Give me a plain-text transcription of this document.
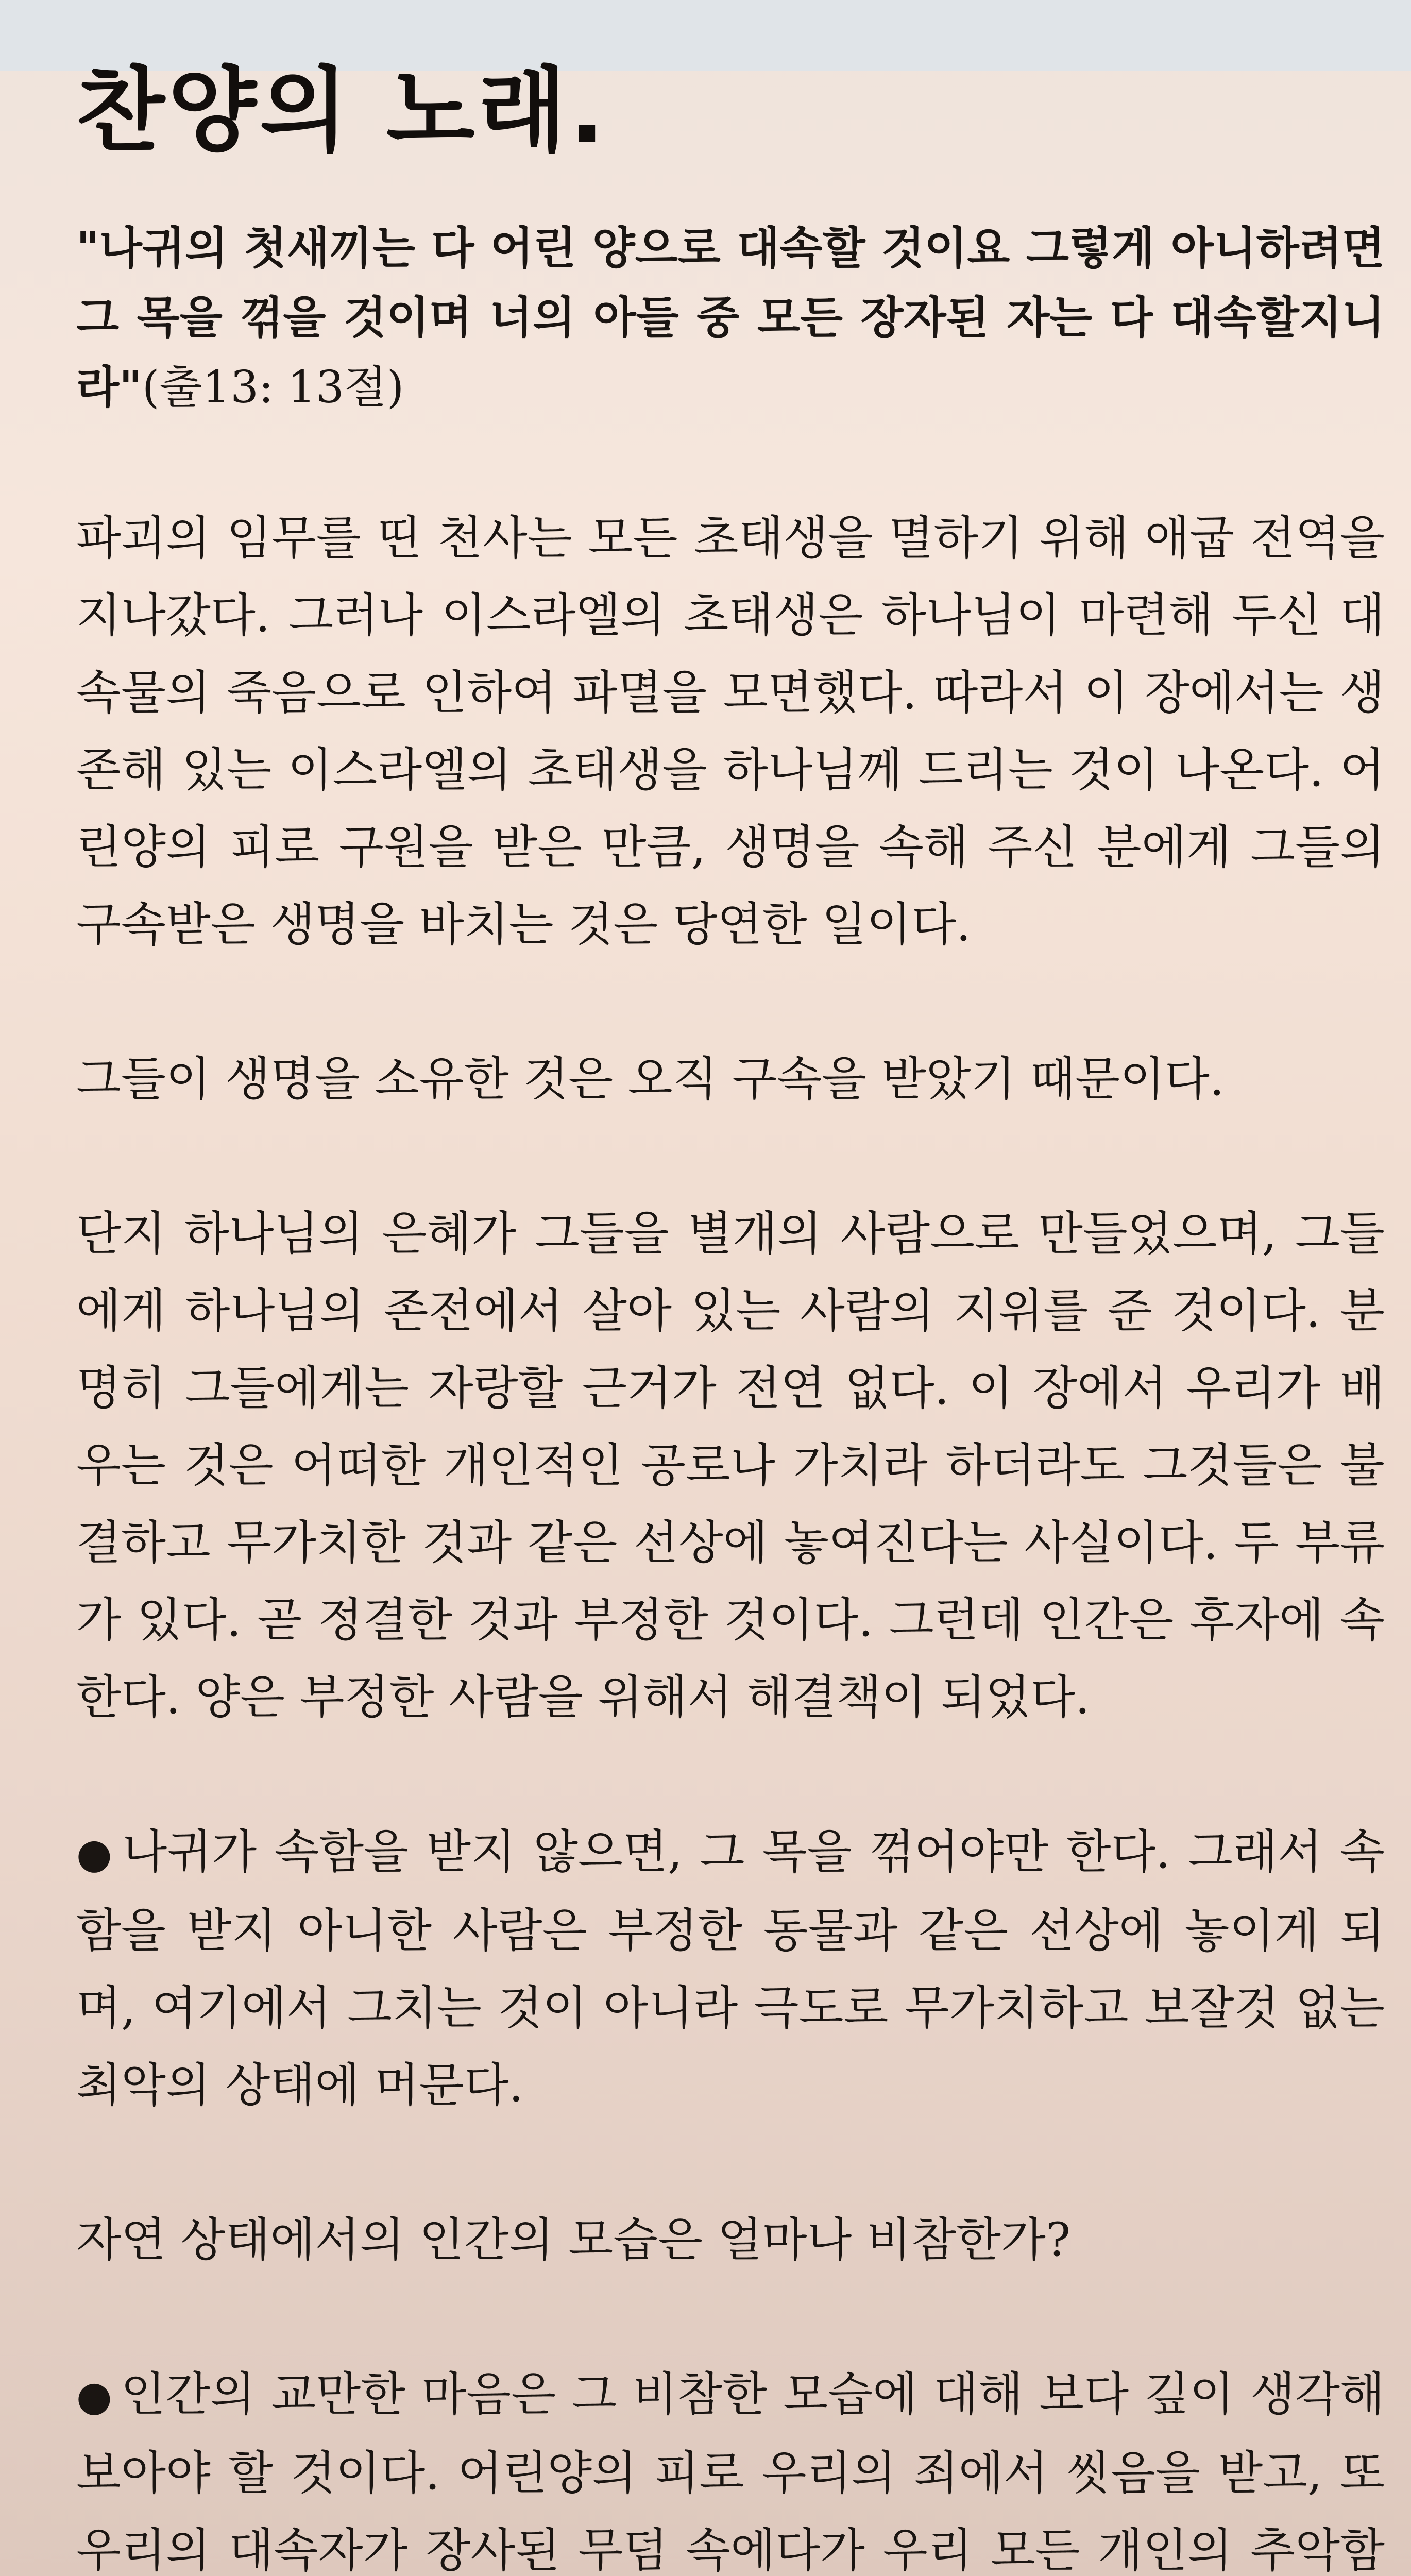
찬양의 노래.

"나귀의 첫새끼는 다 어린 양으로 대속할 것이요 그렇게 아니하려면 그 목을 꺾을 것이며 너의 아들 중 모든 장자된 자는 다 대속할지니라"(출13: 13절)

파괴의 임무를 띤 천사는 모든 초태생을 멸하기 위해 애굽 전역을 지나갔다. 그러나 이스라엘의 초태생은 하나님이 마련해 두신 대속물의 죽음으로 인하여 파멸을 모면했다. 따라서 이 장에서는 생존해 있는 이스라엘의 초태생을 하나님께 드리는 것이 나온다. 어린양의 피로 구원을 받은 만큼, 생명을 속해 주신 분에게 그들의 구속받은 생명을 바치는 것은 당연한 일이다.

그들이 생명을 소유한 것은 오직 구속을 받았기 때문이다.

단지 하나님의 은혜가 그들을 별개의 사람으로 만들었으며, 그들에게 하나님의 존전에서 살아 있는 사람의 지위를 준 것이다. 분명히 그들에게는 자랑할 근거가 전연 없다. 이 장에서 우리가 배우는 것은 어떠한 개인적인 공로나 가치라 하더라도 그것들은 불결하고 무가치한 것과 같은 선상에 놓여진다는 사실이다. 두 부류가 있다. 곧 정결한 것과 부정한 것이다. 그런데 인간은 후자에 속한다. 양은 부정한 사람을 위해서 해결책이 되었다.

● 나귀가 속함을 받지 않으면, 그 목을 꺾어야만 한다. 그래서 속함을 받지 아니한 사람은 부정한 동물과 같은 선상에 놓이게 되며, 여기에서 그치는 것이 아니라 극도로 무가치하고 보잘것 없는 최악의 상태에 머문다.

자연 상태에서의 인간의 모습은 얼마나 비참한가?

● 인간의 교만한 마음은 그 비참한 모습에 대해 보다 깊이 생각해 보아야 할 것이다. 어린양의 피로 우리의 죄에서 씻음을 받고, 또 우리의 대속자가 장사된 무덤 속에다가 우리 모든 개인의 추악함
